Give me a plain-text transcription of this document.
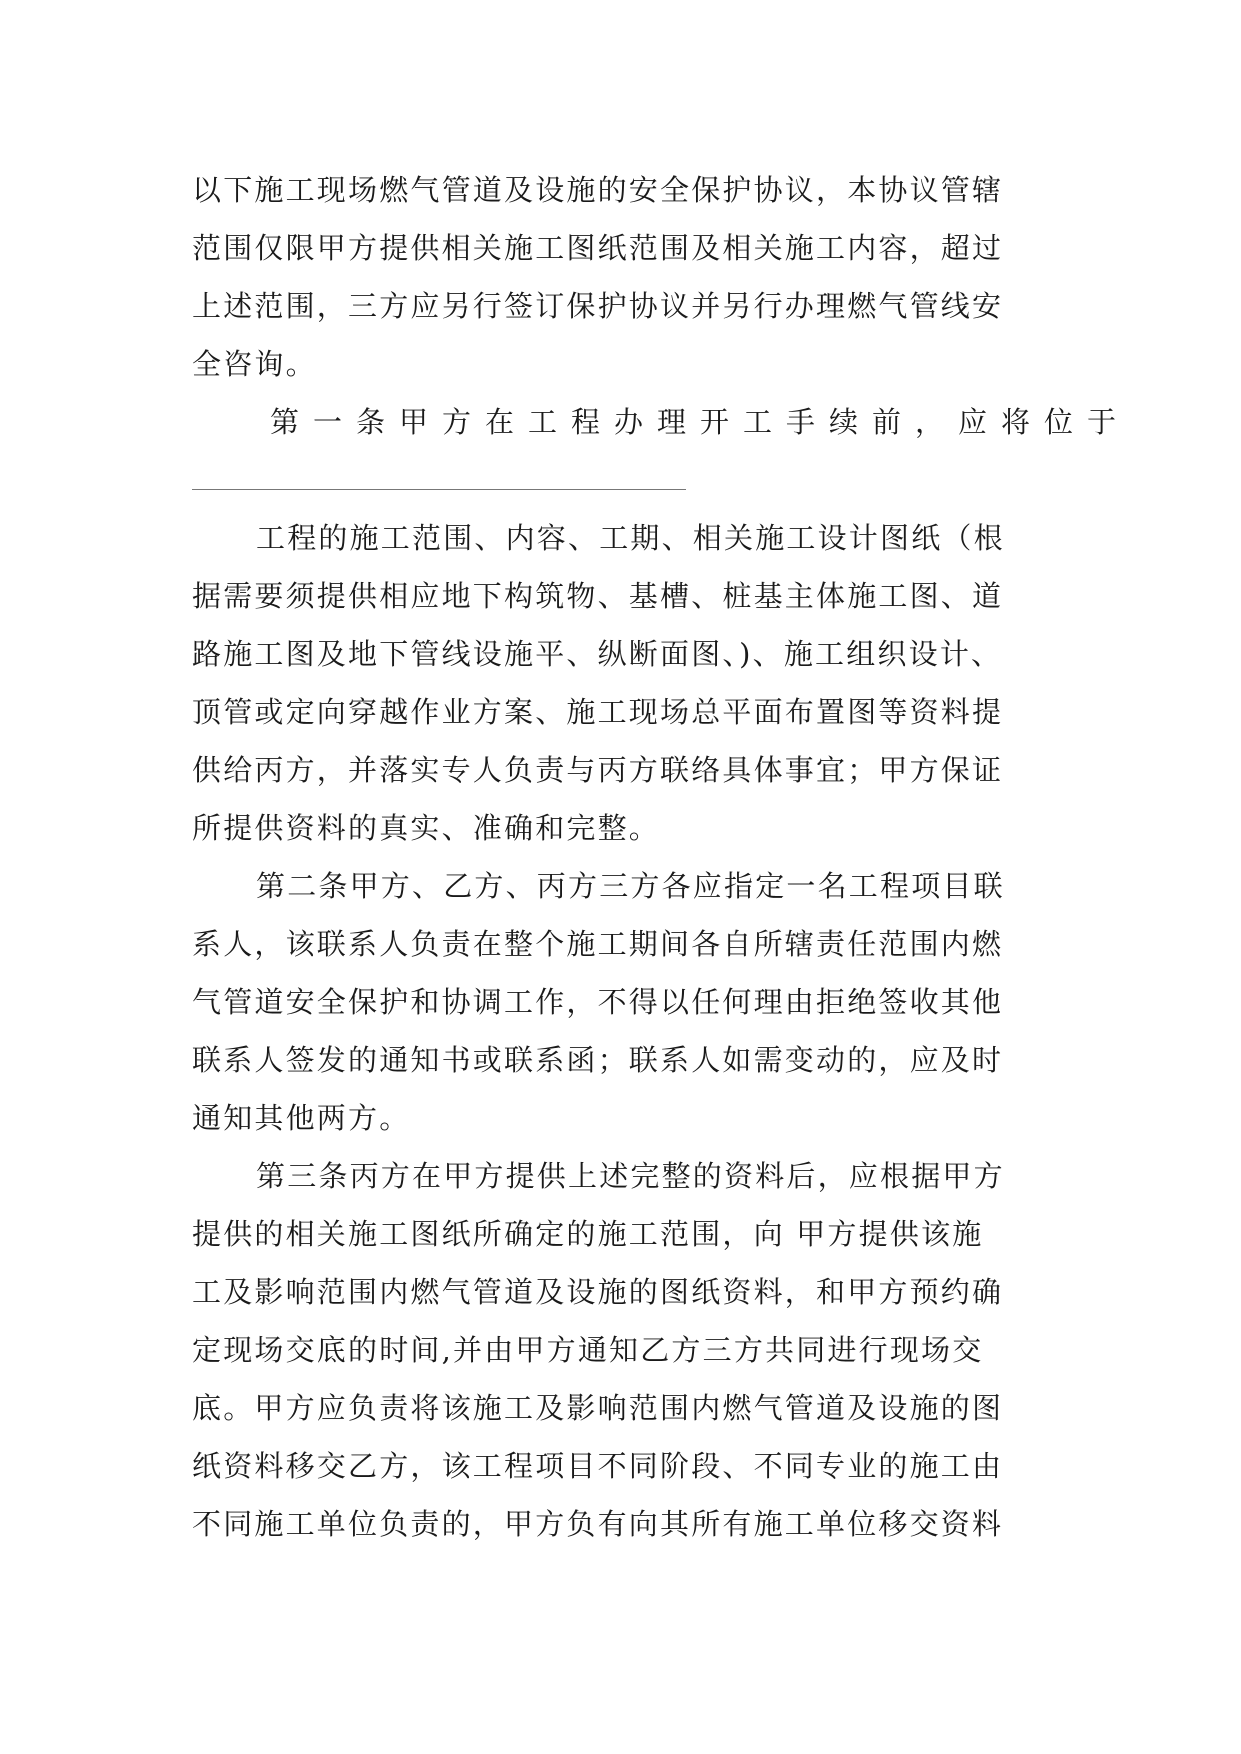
以下施工现场燃气管道及设施的安全保护协议，本协议管辖
范围仅限甲方提供相关施工图纸范围及相关施工内容，超过
上述范围，三方应另行签订保护协议并另行办理燃气管线安
全咨询。
第一条甲方在工程办理开工手续前，应将位于
工程的施工范围、内容、工期、相关施工设计图纸（根
据需要须提供相应地下构筑物、基槽、桩基主体施工图、道
路施工图及地下管线设施平、纵断面图、)、施工组织设计、
顶管或定向穿越作业方案、施工现场总平面布置图等资料提
供给丙方，并落实专人负责与丙方联络具体事宜；甲方保证
所提供资料的真实、准确和完整。
第二条甲方、乙方、丙方三方各应指定一名工程项目联
系人，该联系人负责在整个施工期间各自所辖责任范围内燃
气管道安全保护和协调工作，不得以任何理由拒绝签收其他
联系人签发的通知书或联系函；联系人如需变动的，应及时
通知其他两方。
第三条丙方在甲方提供上述完整的资料后，应根据甲方
提供的相关施工图纸所确定的施工范围，向 甲方提供该施
工及影响范围内燃气管道及设施的图纸资料，和甲方预约确
定现场交底的时间,并由甲方通知乙方三方共同进行现场交
底。甲方应负责将该施工及影响范围内燃气管道及设施的图
纸资料移交乙方，该工程项目不同阶段、不同专业的施工由
不同施工单位负责的，甲方负有向其所有施工单位移交资料
